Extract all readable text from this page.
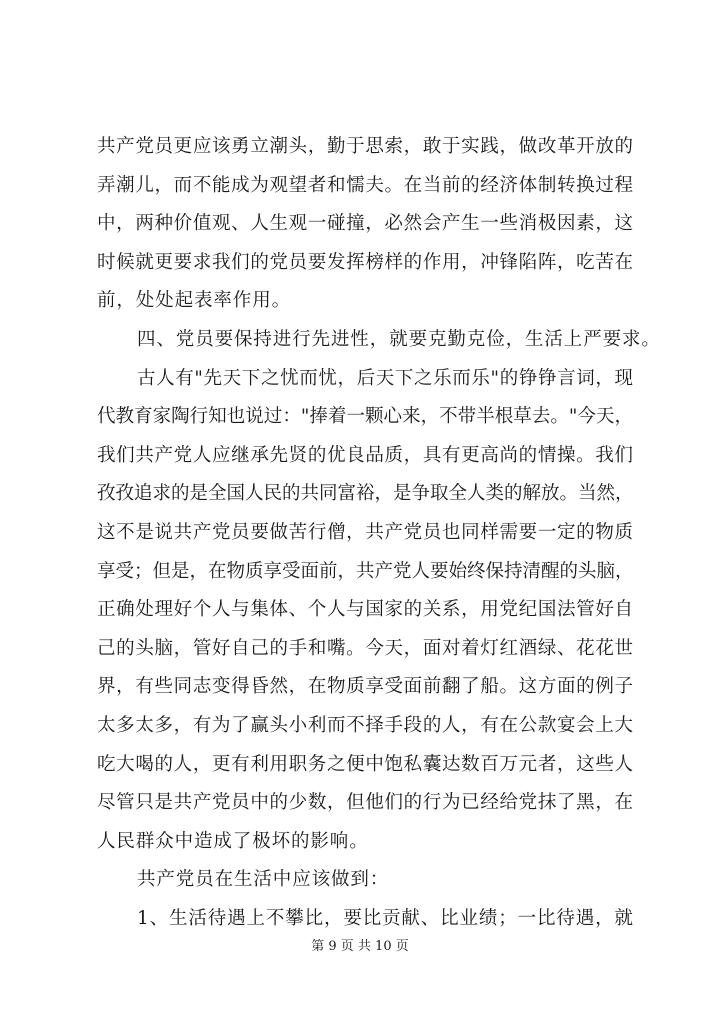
共产党员更应该勇立潮头，勤于思索，敢于实践，做改革开放的
弄潮儿，而不能成为观望者和懦夫。在当前的经济体制转换过程
中，两种价值观、人生观一碰撞，必然会产生一些消极因素，这
时候就更要求我们的党员要发挥榜样的作用，冲锋陷阵，吃苦在
前，处处起表率作用。
四、党员要保持进行先进性，就要克勤克俭，生活上严要求。
古人有"先天下之忧而忧，后天下之乐而乐"的铮铮言词，现
代教育家陶行知也说过："捧着一颗心来，不带半根草去。"今天，
我们共产党人应继承先贤的优良品质，具有更高尚的情操。我们
孜孜追求的是全国人民的共同富裕，是争取全人类的解放。当然，
这不是说共产党员要做苦行僧，共产党员也同样需要一定的物质
享受；但是，在物质享受面前，共产党人要始终保持清醒的头脑，
正确处理好个人与集体、个人与国家的关系，用党纪国法管好自
己的头脑，管好自己的手和嘴。今天，面对着灯红酒绿、花花世
界，有些同志变得昏然，在物质享受面前翻了船。这方面的例子
太多太多，有为了赢头小利而不择手段的人，有在公款宴会上大
吃大喝的人，更有利用职务之便中饱私囊达数百万元者，这些人
尽管只是共产党员中的少数，但他们的行为已经给党抹了黑，在
人民群众中造成了极坏的影响。
共产党员在生活中应该做到：
1、生活待遇上不攀比，要比贡献、比业绩；一比待遇，就
第 9 页 共 10 页
